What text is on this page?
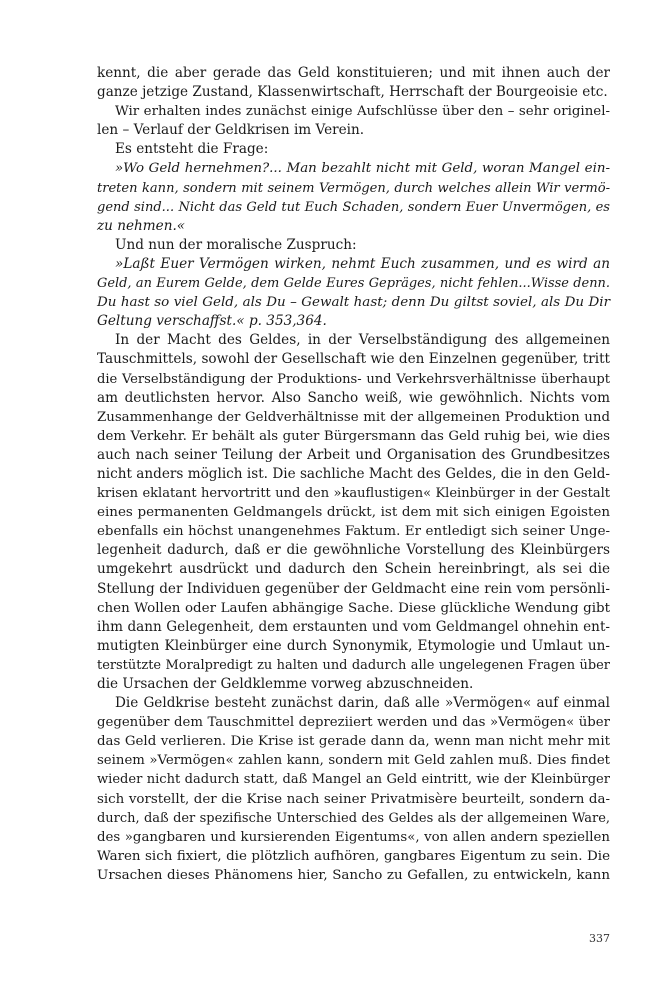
kennt, die aber gerade das Geld konstituieren; und mit ihnen auch der
ganze jetzige Zustand, Klassenwirtschaft, Herrschaft der Bourgeoisie etc.
Wir erhalten indes zunächst einige Aufschlüsse über den – sehr originel-
len – Verlauf der Geldkrisen im Verein.
Es entsteht die Frage:
»Wo Geld hernehmen?... Man bezahlt nicht mit Geld, woran Mangel ein-
treten kann, sondern mit seinem Vermögen, durch welches allein Wir vermö-
gend sind... Nicht das Geld tut Euch Schaden, sondern Euer Unvermögen, es
zu nehmen.«
Und nun der moralische Zuspruch:
»Laßt Euer Vermögen wirken, nehmt Euch zusammen, und es wird an
Geld, an Eurem Gelde, dem Gelde Eures Gepräges, nicht fehlen...Wisse denn.
Du hast so viel Geld, als Du – Gewalt hast; denn Du giltst soviel, als Du Dir
Geltung verschaffst.« p. 353,364.
In der Macht des Geldes, in der Verselbständigung des allgemeinen
Tauschmittels, sowohl der Gesellschaft wie den Einzelnen gegenüber, tritt
die Verselbständigung der Produktions- und Verkehrsverhältnisse überhaupt
am deutlichsten hervor. Also Sancho weiß, wie gewöhnlich. Nichts vom
Zusammenhange der Geldverhältnisse mit der allgemeinen Produktion und
dem Verkehr. Er behält als guter Bürgersmann das Geld ruhig bei, wie dies
auch nach seiner Teilung der Arbeit und Organisation des Grundbesitzes
nicht anders möglich ist. Die sachliche Macht des Geldes, die in den Geld-
krisen eklatant hervortritt und den »kauflustigen« Kleinbürger in der Gestalt
eines permanenten Geldmangels drückt, ist dem mit sich einigen Egoisten
ebenfalls ein höchst unangenehmes Faktum. Er entledigt sich seiner Unge-
legenheit dadurch, daß er die gewöhnliche Vorstellung des Kleinbürgers
umgekehrt ausdrückt und dadurch den Schein hereinbringt, als sei die
Stellung der Individuen gegenüber der Geldmacht eine rein vom persönli-
chen Wollen oder Laufen abhängige Sache. Diese glückliche Wendung gibt
ihm dann Gelegenheit, dem erstaunten und vom Geldmangel ohnehin ent-
mutigten Kleinbürger eine durch Synonymik, Etymologie und Umlaut un-
terstützte Moralpredigt zu halten und dadurch alle ungelegenen Fragen über
die Ursachen der Geldklemme vorweg abzuschneiden.
Die Geldkrise besteht zunächst darin, daß alle »Vermögen« auf einmal
gegenüber dem Tauschmittel depreziiert werden und das »Vermögen« über
das Geld verlieren. Die Krise ist gerade dann da, wenn man nicht mehr mit
seinem »Vermögen« zahlen kann, sondern mit Geld zahlen muß. Dies findet
wieder nicht dadurch statt, daß Mangel an Geld eintritt, wie der Kleinbürger
sich vorstellt, der die Krise nach seiner Privatmisère beurteilt, sondern da-
durch, daß der spezifische Unterschied des Geldes als der allgemeinen Ware,
des »gangbaren und kursierenden Eigentums«, von allen andern speziellen
Waren sich fixiert, die plötzlich aufhören, gangbares Eigentum zu sein. Die
Ursachen dieses Phänomens hier, Sancho zu Gefallen, zu entwickeln, kann
337
